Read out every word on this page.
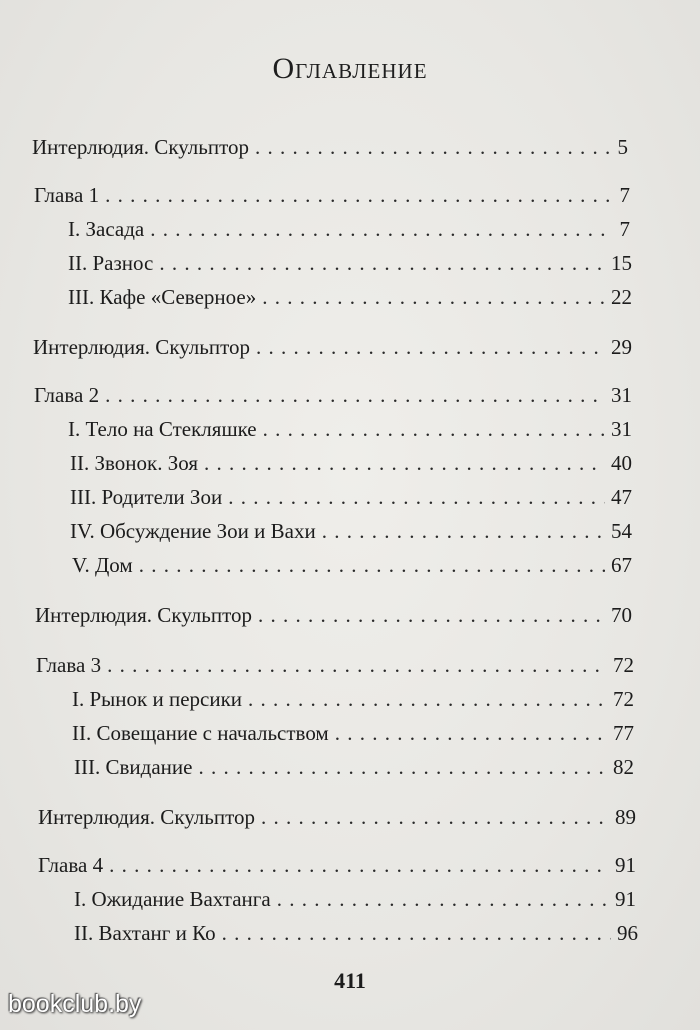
Оглавление
Интерлюдия. Скульптор . . .	5
Глава 1 . . .	7
I. Засада . . .	7
II. Разнос . . .	15
III. Кафе «Северное» . . .	22
Интерлюдия. Скульптор . . .	29
Глава 2 . . .	31
I. Тело на Стекляшке . . .	31
II. Звонок. Зоя . . .	40
III. Родители Зои . . .	47
IV. Обсуждение Зои и Вахи . . .	54
V. Дом . . .	67
Интерлюдия. Скульптор . . .	70
Глава 3 . . .	72
I. Рынок и персики . . .	72
II. Совещание с начальством . . .	77
III. Свидание . . .	82
Интерлюдия. Скульптор . . .	89
Глава 4 . . .	91
I. Ожидание Вахтанга . . .	91
II. Вахтанг и Ко . . .	96

411

bookclub.by
